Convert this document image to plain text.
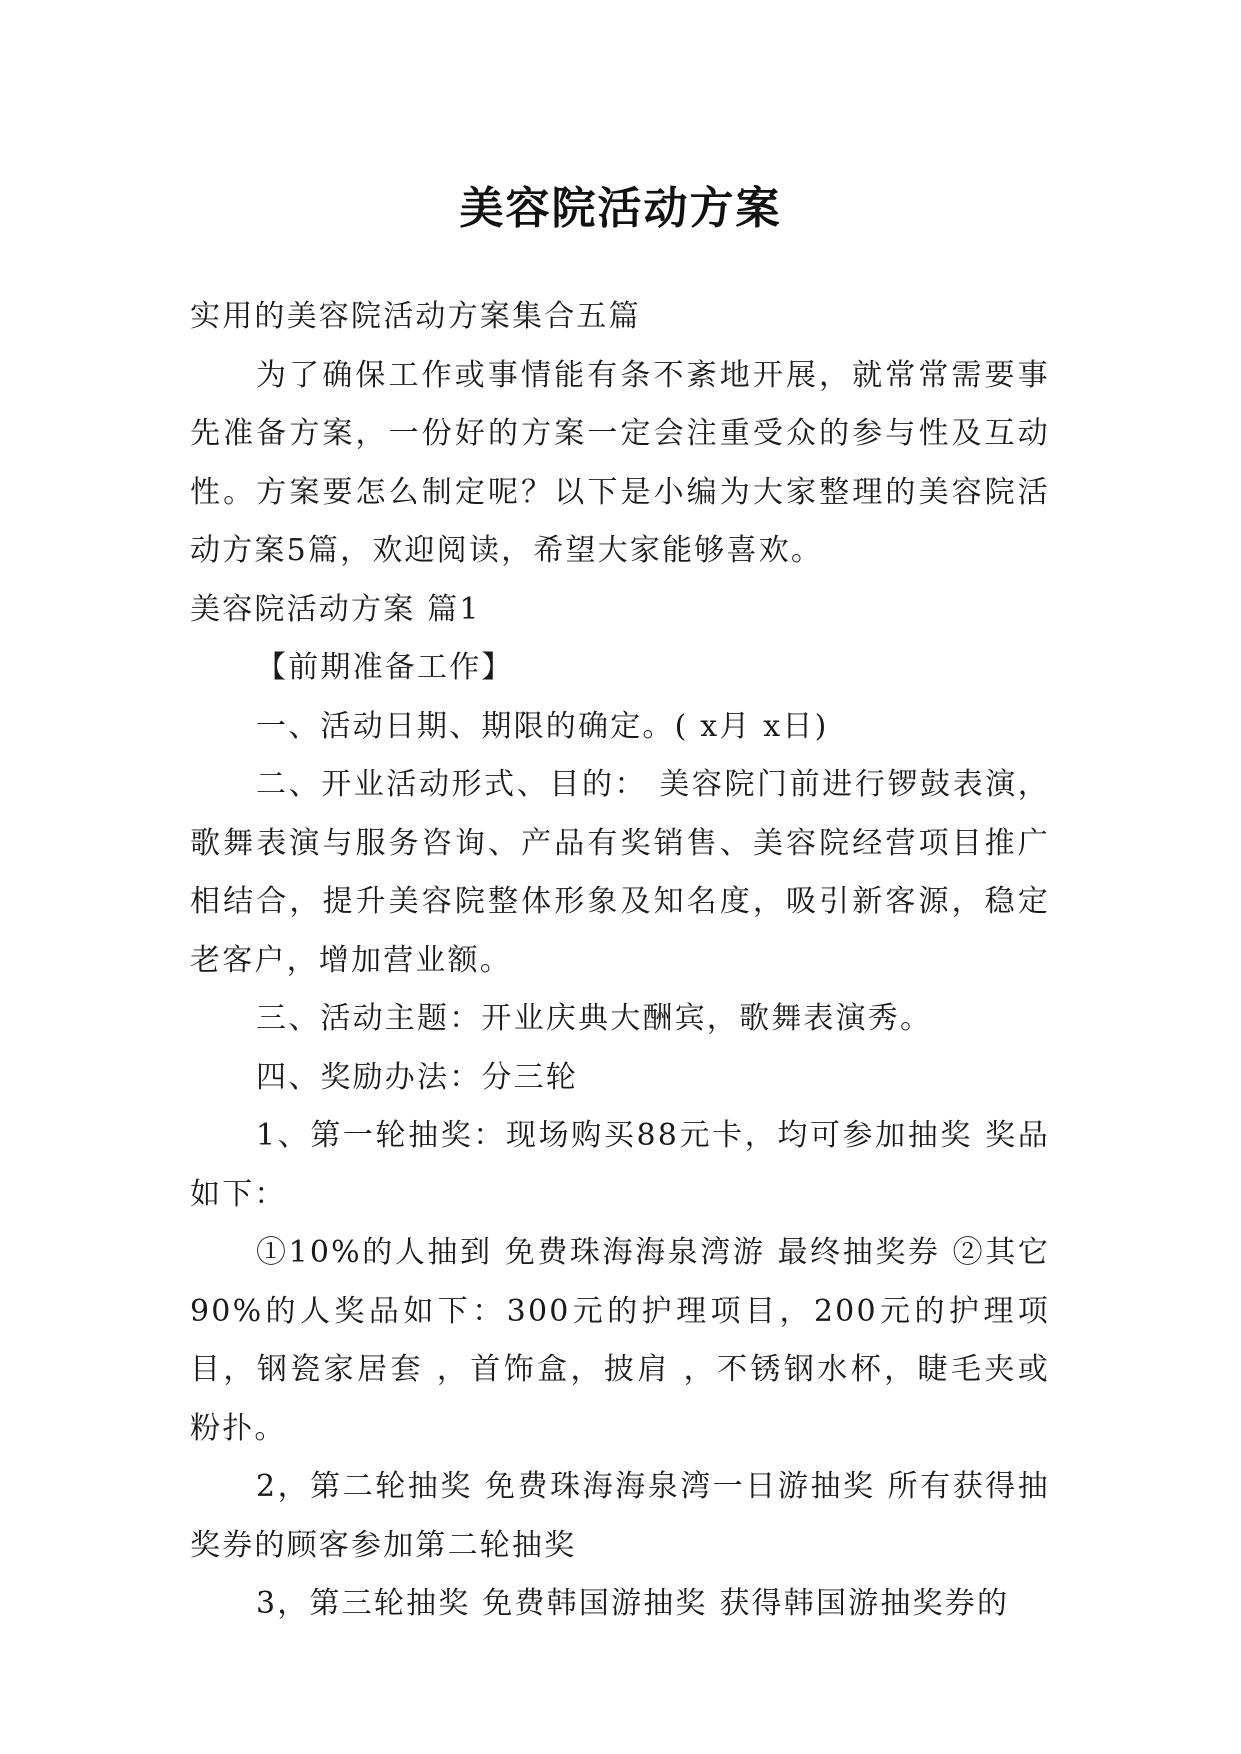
美容院活动方案

实用的美容院活动方案集合五篇

为了确保工作或事情能有条不紊地开展，就常常需要事先准备方案，一份好的方案一定会注重受众的参与性及互动性。方案要怎么制定呢？以下是小编为大家整理的美容院活动方案5篇，欢迎阅读，希望大家能够喜欢。

美容院活动方案 篇1

【前期准备工作】

一、活动日期、期限的确定。( x月 x日)

二、开业活动形式、目的： 美容院门前进行锣鼓表演，歌舞表演与服务咨询、产品有奖销售、美容院经营项目推广相结合，提升美容院整体形象及知名度，吸引新客源，稳定老客户，增加营业额。

三、活动主题：开业庆典大酬宾，歌舞表演秀。

四、奖励办法：分三轮

1、第一轮抽奖：现场购买88元卡，均可参加抽奖 奖品如下：

①10%的人抽到 免费珠海海泉湾游 最终抽奖券 ②其它90%的人奖品如下：300元的护理项目，200元的护理项目，钢瓷家居套 ，首饰盒，披肩 ，不锈钢水杯，睫毛夹或粉扑。

2，第二轮抽奖 免费珠海海泉湾一日游抽奖 所有获得抽奖券的顾客参加第二轮抽奖

3，第三轮抽奖 免费韩国游抽奖 获得韩国游抽奖券的
